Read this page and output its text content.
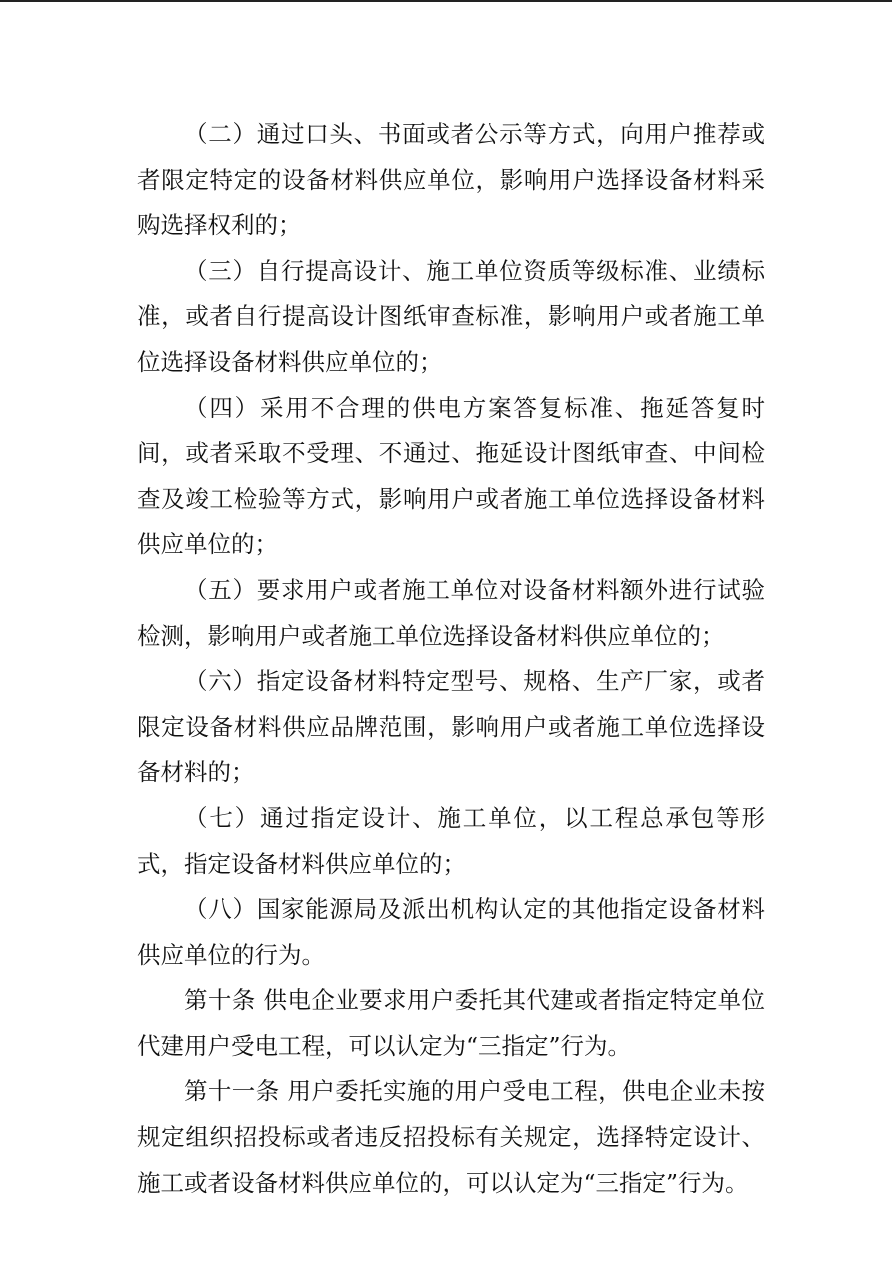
（二）通过口头、书面或者公示等方式，向用户推荐或者限定特定的设备材料供应单位，影响用户选择设备材料采购选择权利的；

（三）自行提高设计、施工单位资质等级标准、业绩标准，或者自行提高设计图纸审查标准，影响用户或者施工单位选择设备材料供应单位的；

（四）采用不合理的供电方案答复标准、拖延答复时间，或者采取不受理、不通过、拖延设计图纸审查、中间检查及竣工检验等方式，影响用户或者施工单位选择设备材料供应单位的；

（五）要求用户或者施工单位对设备材料额外进行试验检测，影响用户或者施工单位选择设备材料供应单位的；

（六）指定设备材料特定型号、规格、生产厂家，或者限定设备材料供应品牌范围，影响用户或者施工单位选择设备材料的；

（七）通过指定设计、施工单位，以工程总承包等形式，指定设备材料供应单位的；

（八）国家能源局及派出机构认定的其他指定设备材料供应单位的行为。

第十条 供电企业要求用户委托其代建或者指定特定单位代建用户受电工程，可以认定为“三指定”行为。

第十一条 用户委托实施的用户受电工程，供电企业未按规定组织招投标或者违反招投标有关规定，选择特定设计、施工或者设备材料供应单位的，可以认定为“三指定”行为。
